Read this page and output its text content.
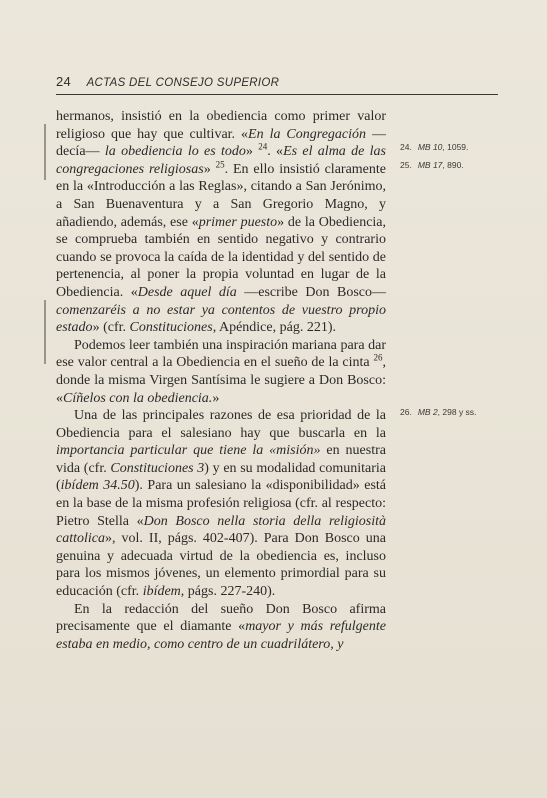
24 ACTAS DEL CONSEJO SUPERIOR

hermanos, insistió en la obediencia como primer valor religioso que hay que cultivar. «En la Congregación —decía— la obediencia lo es todo» $^{24}$. «Es el alma de las congregaciones religiosas» $^{25}$. En ello insistió claramente en la «Introducción a las Reglas», citando a San Jerónimo, a San Buenaventura y a San Gregorio Magno, y añadiendo, además, ese «primer puesto» de la Obediencia, se comprueba también en sentido negativo y contrario cuando se provoca la caída de la identidad y del sentido de pertenencia, al poner la propia voluntad en lugar de la Obediencia. «Desde aquel día —escribe Don Bosco— comenzaréis a no estar ya contentos de vuestro propio estado» (cfr. Constituciones, Apéndice, pág. 221).

Podemos leer también una inspiración mariana para dar ese valor central a la Obediencia en el sueño de la cinta $^{26}$, donde la misma Virgen Santísima le sugiere a Don Bosco: «Cíñelos con la obediencia.»

Una de las principales razones de esa prioridad de la Obediencia para el salesiano hay que buscarla en la importancia particular que tiene la «misión» en nuestra vida (cfr. Constituciones 3) y en su modalidad comunitaria (ibídem 34.50). Para un salesiano la «disponibilidad» está en la base de la misma profesión religiosa (cfr. al respecto: Pietro Stella «Don Bosco nella storia della religiosità cattolica», vol. II, págs. 402-407). Para Don Bosco una genuina y adecuada virtud de la obediencia es, incluso para los mismos jóvenes, un elemento primordial para su educación (cfr. ibídem, págs. 227-240).

En la redacción del sueño Don Bosco afirma precisamente que el diamante «mayor y más refulgente estaba en medio, como centro de un cuadrilátero, y

24. MB 10, 1059.
25. MB 17, 890.
26. MB 2, 298 y ss.
